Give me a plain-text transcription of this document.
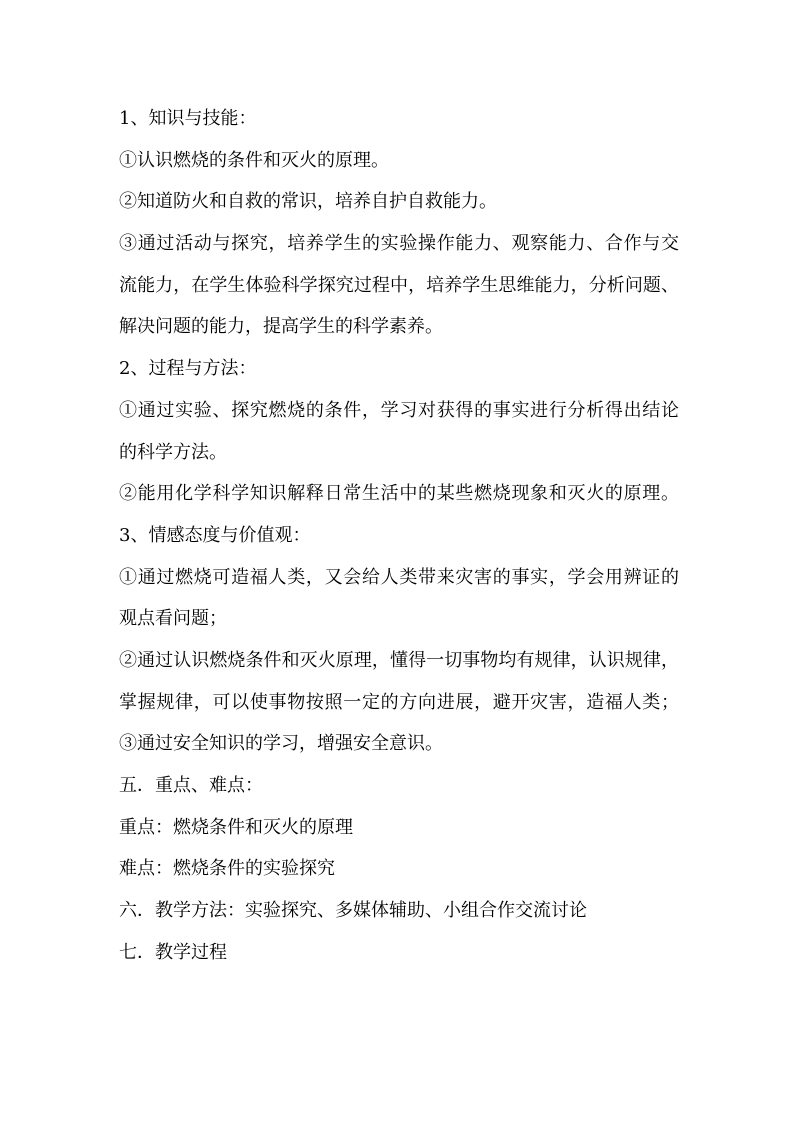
1、知识与技能：
①认识燃烧的条件和灭火的原理。
②知道防火和自救的常识，培养自护自救能力。
③通过活动与探究，培养学生的实验操作能力、观察能力、合作与交
流能力，在学生体验科学探究过程中，培养学生思维能力，分析问题、
解决问题的能力，提高学生的科学素养。
2、过程与方法：
①通过实验、探究燃烧的条件，学习对获得的事实进行分析得出结论
的科学方法。
②能用化学科学知识解释日常生活中的某些燃烧现象和灭火的原理。
3、情感态度与价值观：
①通过燃烧可造福人类，又会给人类带来灾害的事实，学会用辨证的
观点看问题；
②通过认识燃烧条件和灭火原理，懂得一切事物均有规律，认识规律，
掌握规律，可以使事物按照一定的方向进展，避开灾害，造福人类；
③通过安全知识的学习，增强安全意识。
五．重点、难点：
重点：燃烧条件和灭火的原理
难点：燃烧条件的实验探究
六．教学方法：实验探究、多媒体辅助、小组合作交流讨论
七．教学过程
